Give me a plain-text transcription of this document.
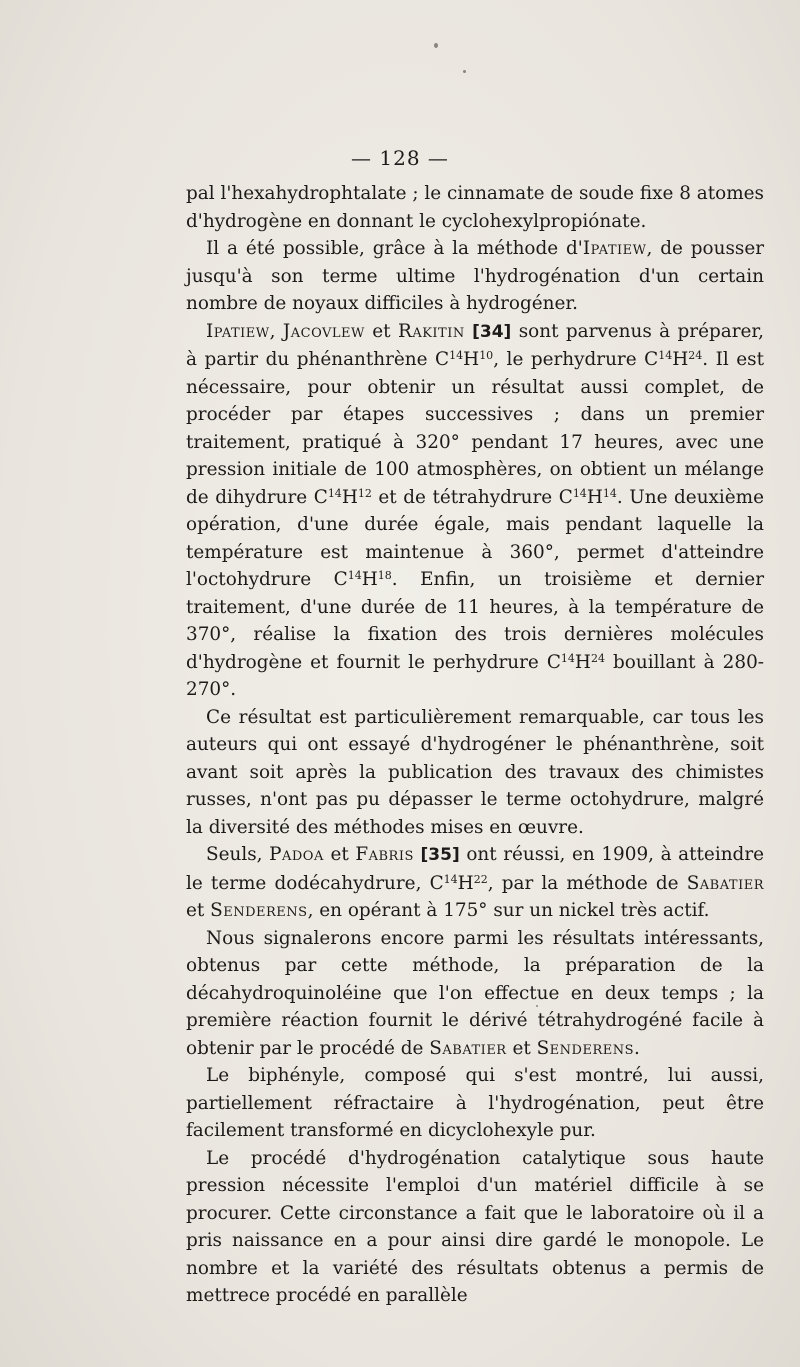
— 128 —

pal l'hexahydrophtalate ; le cinnamate de soude fixe 8 atomes d'hydrogène en donnant le cyclohexylpropiónate.

Il a été possible, grâce à la méthode d'Ipatiew, de pousser jusqu'à son terme ultime l'hydrogénation d'un certain nombre de noyaux difficiles à hydrogéner.

Ipatiew, Jacovlew et Rakitin [34] sont parvenus à préparer, à partir du phénanthrène $C^{14}H^{10}$, le perhydrure $C^{14}H^{24}$. Il est nécessaire, pour obtenir un résultat aussi complet, de procéder par étapes successives ; dans un premier traitement, pratiqué à 320° pendant 17 heures, avec une pression initiale de 100 atmosphères, on obtient un mélange de dihydrure $C^{14}H^{12}$ et de tétrahydrure $C^{14}H^{14}$. Une deuxième opération, d'une durée égale, mais pendant laquelle la température est maintenue à 360°, permet d'atteindre l'octohydrure $C^{14}H^{18}$. Enfin, un troisième et dernier traitement, d'une durée de 11 heures, à la température de 370°, réalise la fixation des trois dernières molécules d'hydrogène et fournit le perhydrure $C^{14}H^{24}$ bouillant à 280-270°.

Ce résultat est particulièrement remarquable, car tous les auteurs qui ont essayé d'hydrogéner le phénanthrène, soit avant soit après la publication des travaux des chimistes russes, n'ont pas pu dépasser le terme octohydrure, malgré la diversité des méthodes mises en œuvre.

Seuls, Padoa et Fabris [35] ont réussi, en 1909, à atteindre le terme dodécahydrure, $C^{14}H^{22}$, par la méthode de Sabatier et Senderens, en opérant à 175° sur un nickel très actif.

Nous signalerons encore parmi les résultats intéressants, obtenus par cette méthode, la préparation de la décahydroquinoléine que l'on effectue en deux temps ; la première réaction fournit le dérivé tétrahydrogéné facile à obtenir par le procédé de Sabatier et Senderens.

Le biphényle, composé qui s'est montré, lui aussi, partiellement réfractaire à l'hydrogénation, peut être facilement transformé en dicyclohexyle pur.

Le procédé d'hydrogénation catalytique sous haute pression nécessite l'emploi d'un matériel difficile à se procurer. Cette circonstance a fait que le laboratoire où il a pris naissance en a pour ainsi dire gardé le monopole. Le nombre et la variété des résultats obtenus a permis de mettrece procédé en parallèle
